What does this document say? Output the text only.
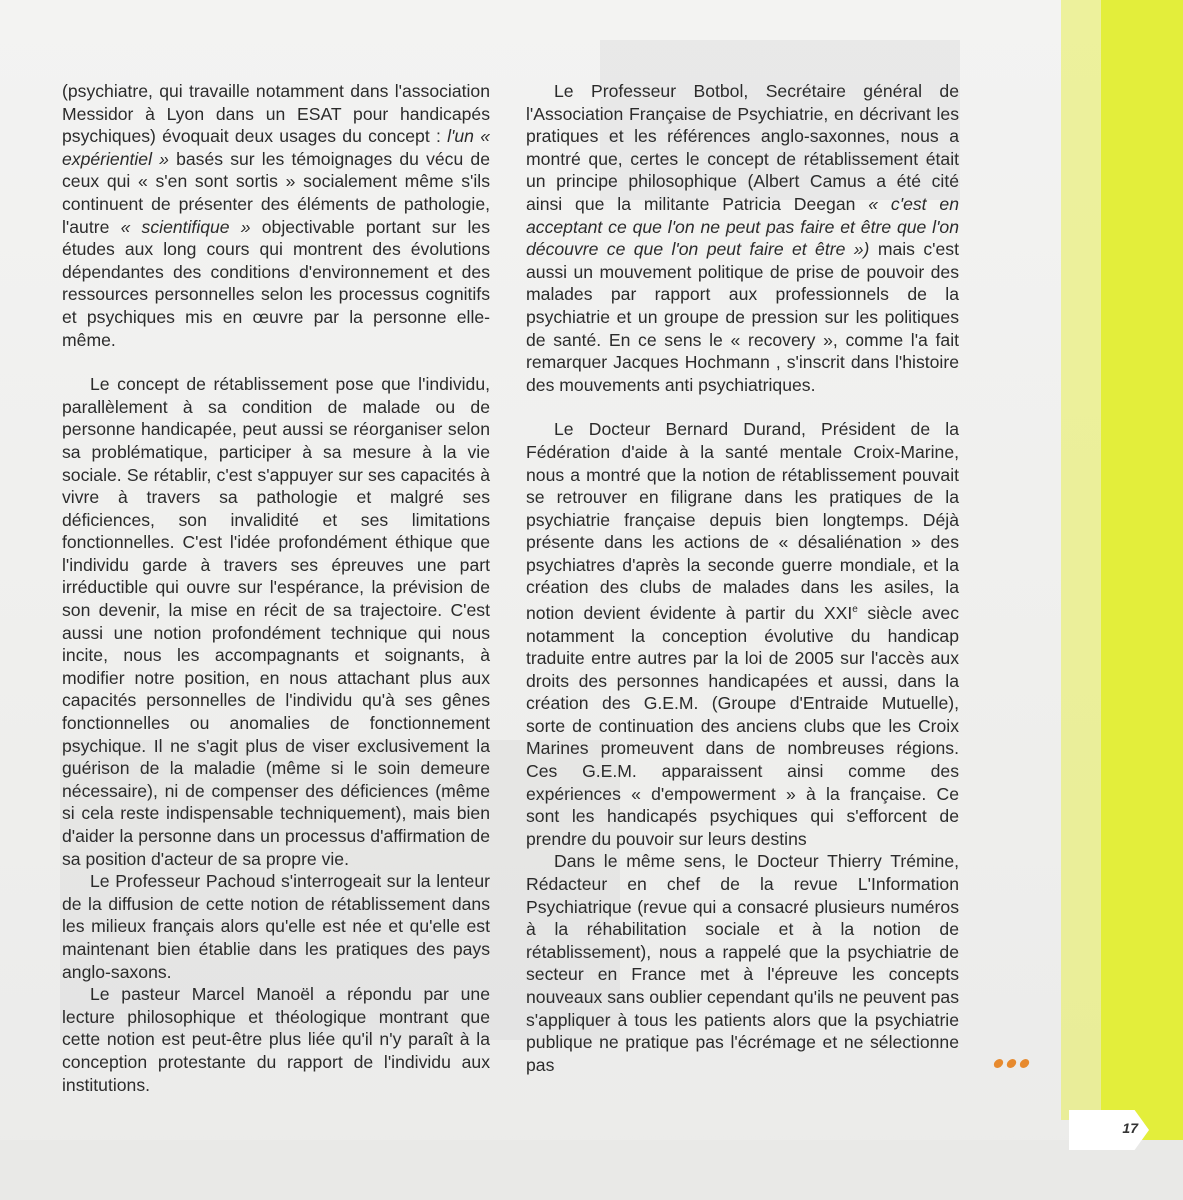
(psychiatre, qui travaille notamment dans l'association Messidor à Lyon dans un ESAT pour handicapés psychiques) évoquait deux usages du concept : l'un « expérientiel » basés sur les témoignages du vécu de ceux qui « s'en sont sortis » socialement même s'ils continuent de présenter des éléments de pathologie, l'autre « scientifique » objectivable portant sur les études aux long cours qui montrent des évolutions dépendantes des conditions d'environnement et des ressources personnelles selon les processus cognitifs et psychiques mis en œuvre par la personne elle-même.

Le concept de rétablissement pose que l'individu, parallèlement à sa condition de malade ou de personne handicapée, peut aussi se réorganiser selon sa problématique, participer à sa mesure à la vie sociale. Se rétablir, c'est s'appuyer sur ses capacités à vivre à travers sa pathologie et malgré ses déficiences, son invalidité et ses limitations fonctionnelles. C'est l'idée profondément éthique que l'individu garde à travers ses épreuves une part irréductible qui ouvre sur l'espérance, la prévision de son devenir, la mise en récit de sa trajectoire. C'est aussi une notion profondément technique qui nous incite, nous les accompagnants et soignants, à modifier notre position, en nous attachant plus aux capacités personnelles de l'individu qu'à ses gênes fonctionnelles ou anomalies de fonctionnement psychique. Il ne s'agit plus de viser exclusivement la guérison de la maladie (même si le soin demeure nécessaire), ni de compenser des déficiences (même si cela reste indispensable techniquement), mais bien d'aider la personne dans un processus d'affirmation de sa position d'acteur de sa propre vie.

Le Professeur Pachoud s'interrogeait sur la lenteur de la diffusion de cette notion de rétablissement dans les milieux français alors qu'elle est née et qu'elle est maintenant bien établie dans les pratiques des pays anglo-saxons.

Le pasteur Marcel Manoël a répondu par une lecture philosophique et théologique montrant que cette notion est peut-être plus liée qu'il n'y paraît à la conception protestante du rapport de l'individu aux institutions.

Le Professeur Botbol, Secrétaire général de l'Association Française de Psychiatrie, en décrivant les pratiques et les références anglo-saxonnes, nous a montré que, certes le concept de rétablissement était un principe philosophique (Albert Camus a été cité ainsi que la militante Patricia Deegan « c'est en acceptant ce que l'on ne peut pas faire et être que l'on découvre ce que l'on peut faire et être ») mais c'est aussi un mouvement politique de prise de pouvoir des malades par rapport aux professionnels de la psychiatrie et un groupe de pression sur les politiques de santé. En ce sens le « recovery », comme l'a fait remarquer Jacques Hochmann , s'inscrit dans l'histoire des mouvements anti psychiatriques.

Le Docteur Bernard Durand, Président de la Fédération d'aide à la santé mentale Croix-Marine, nous a montré que la notion de rétablissement pouvait se retrouver en filigrane dans les pratiques de la psychiatrie française depuis bien longtemps. Déjà présente dans les actions de « désaliénation » des psychiatres d'après la seconde guerre mondiale, et la création des clubs de malades dans les asiles, la notion devient évidente à partir du XXIe siècle avec notamment la conception évolutive du handicap traduite entre autres par la loi de 2005 sur l'accès aux droits des personnes handicapées et aussi, dans la création des G.E.M. (Groupe d'Entraide Mutuelle), sorte de continuation des anciens clubs que les Croix Marines promeuvent dans de nombreuses régions. Ces G.E.M. apparaissent ainsi comme des expériences « d'empowerment » à la française. Ce sont les handicapés psychiques qui s'efforcent de prendre du pouvoir sur leurs destins

Dans le même sens, le Docteur Thierry Trémine, Rédacteur en chef de la revue L'Information Psychiatrique (revue qui a consacré plusieurs numéros à la réhabilitation sociale et à la notion de rétablissement), nous a rappelé que la psychiatrie de secteur en France met à l'épreuve les concepts nouveaux sans oublier cependant qu'ils ne peuvent pas s'appliquer à tous les patients alors que la psychiatrie publique ne pratique pas l'écrémage et ne sélectionne pas

17
